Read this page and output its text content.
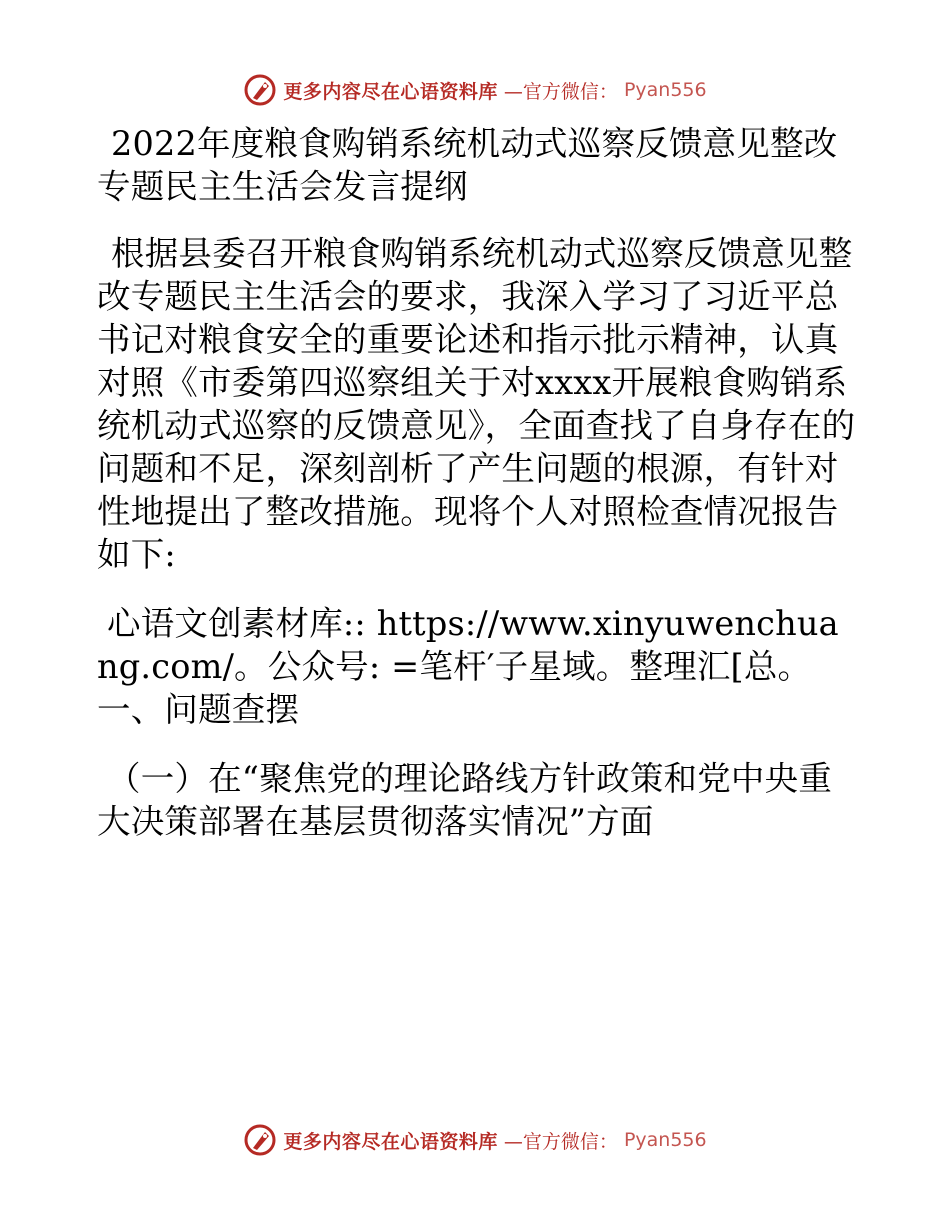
更多内容尽在心语资料库 —官方微信： Pyan556

2022年度粮食购销系统机动式巡察反馈意见整改专题民主生活会发言提纲

根据县委召开粮食购销系统机动式巡察反馈意见整改专题民主生活会的要求，我深入学习了习近平总书记对粮食安全的重要论述和指示批示精神，认真对照《市委第四巡察组关于对xxxx开展粮食购销系统机动式巡察的反馈意见》，全面查找了自身存在的问题和不足，深刻剖析了产生问题的根源，有针对性地提出了整改措施。现将个人对照检查情况报告如下:

心语文创素材库:: https://www.xinyuwenchuang.com/。公众号: =笔杆′子星域。整理汇[总。一、问题查摆

（一）在“聚焦党的理论路线方针政策和党中央重大决策部署在基层贯彻落实情况”方面

更多内容尽在心语资料库 —官方微信： Pyan556
